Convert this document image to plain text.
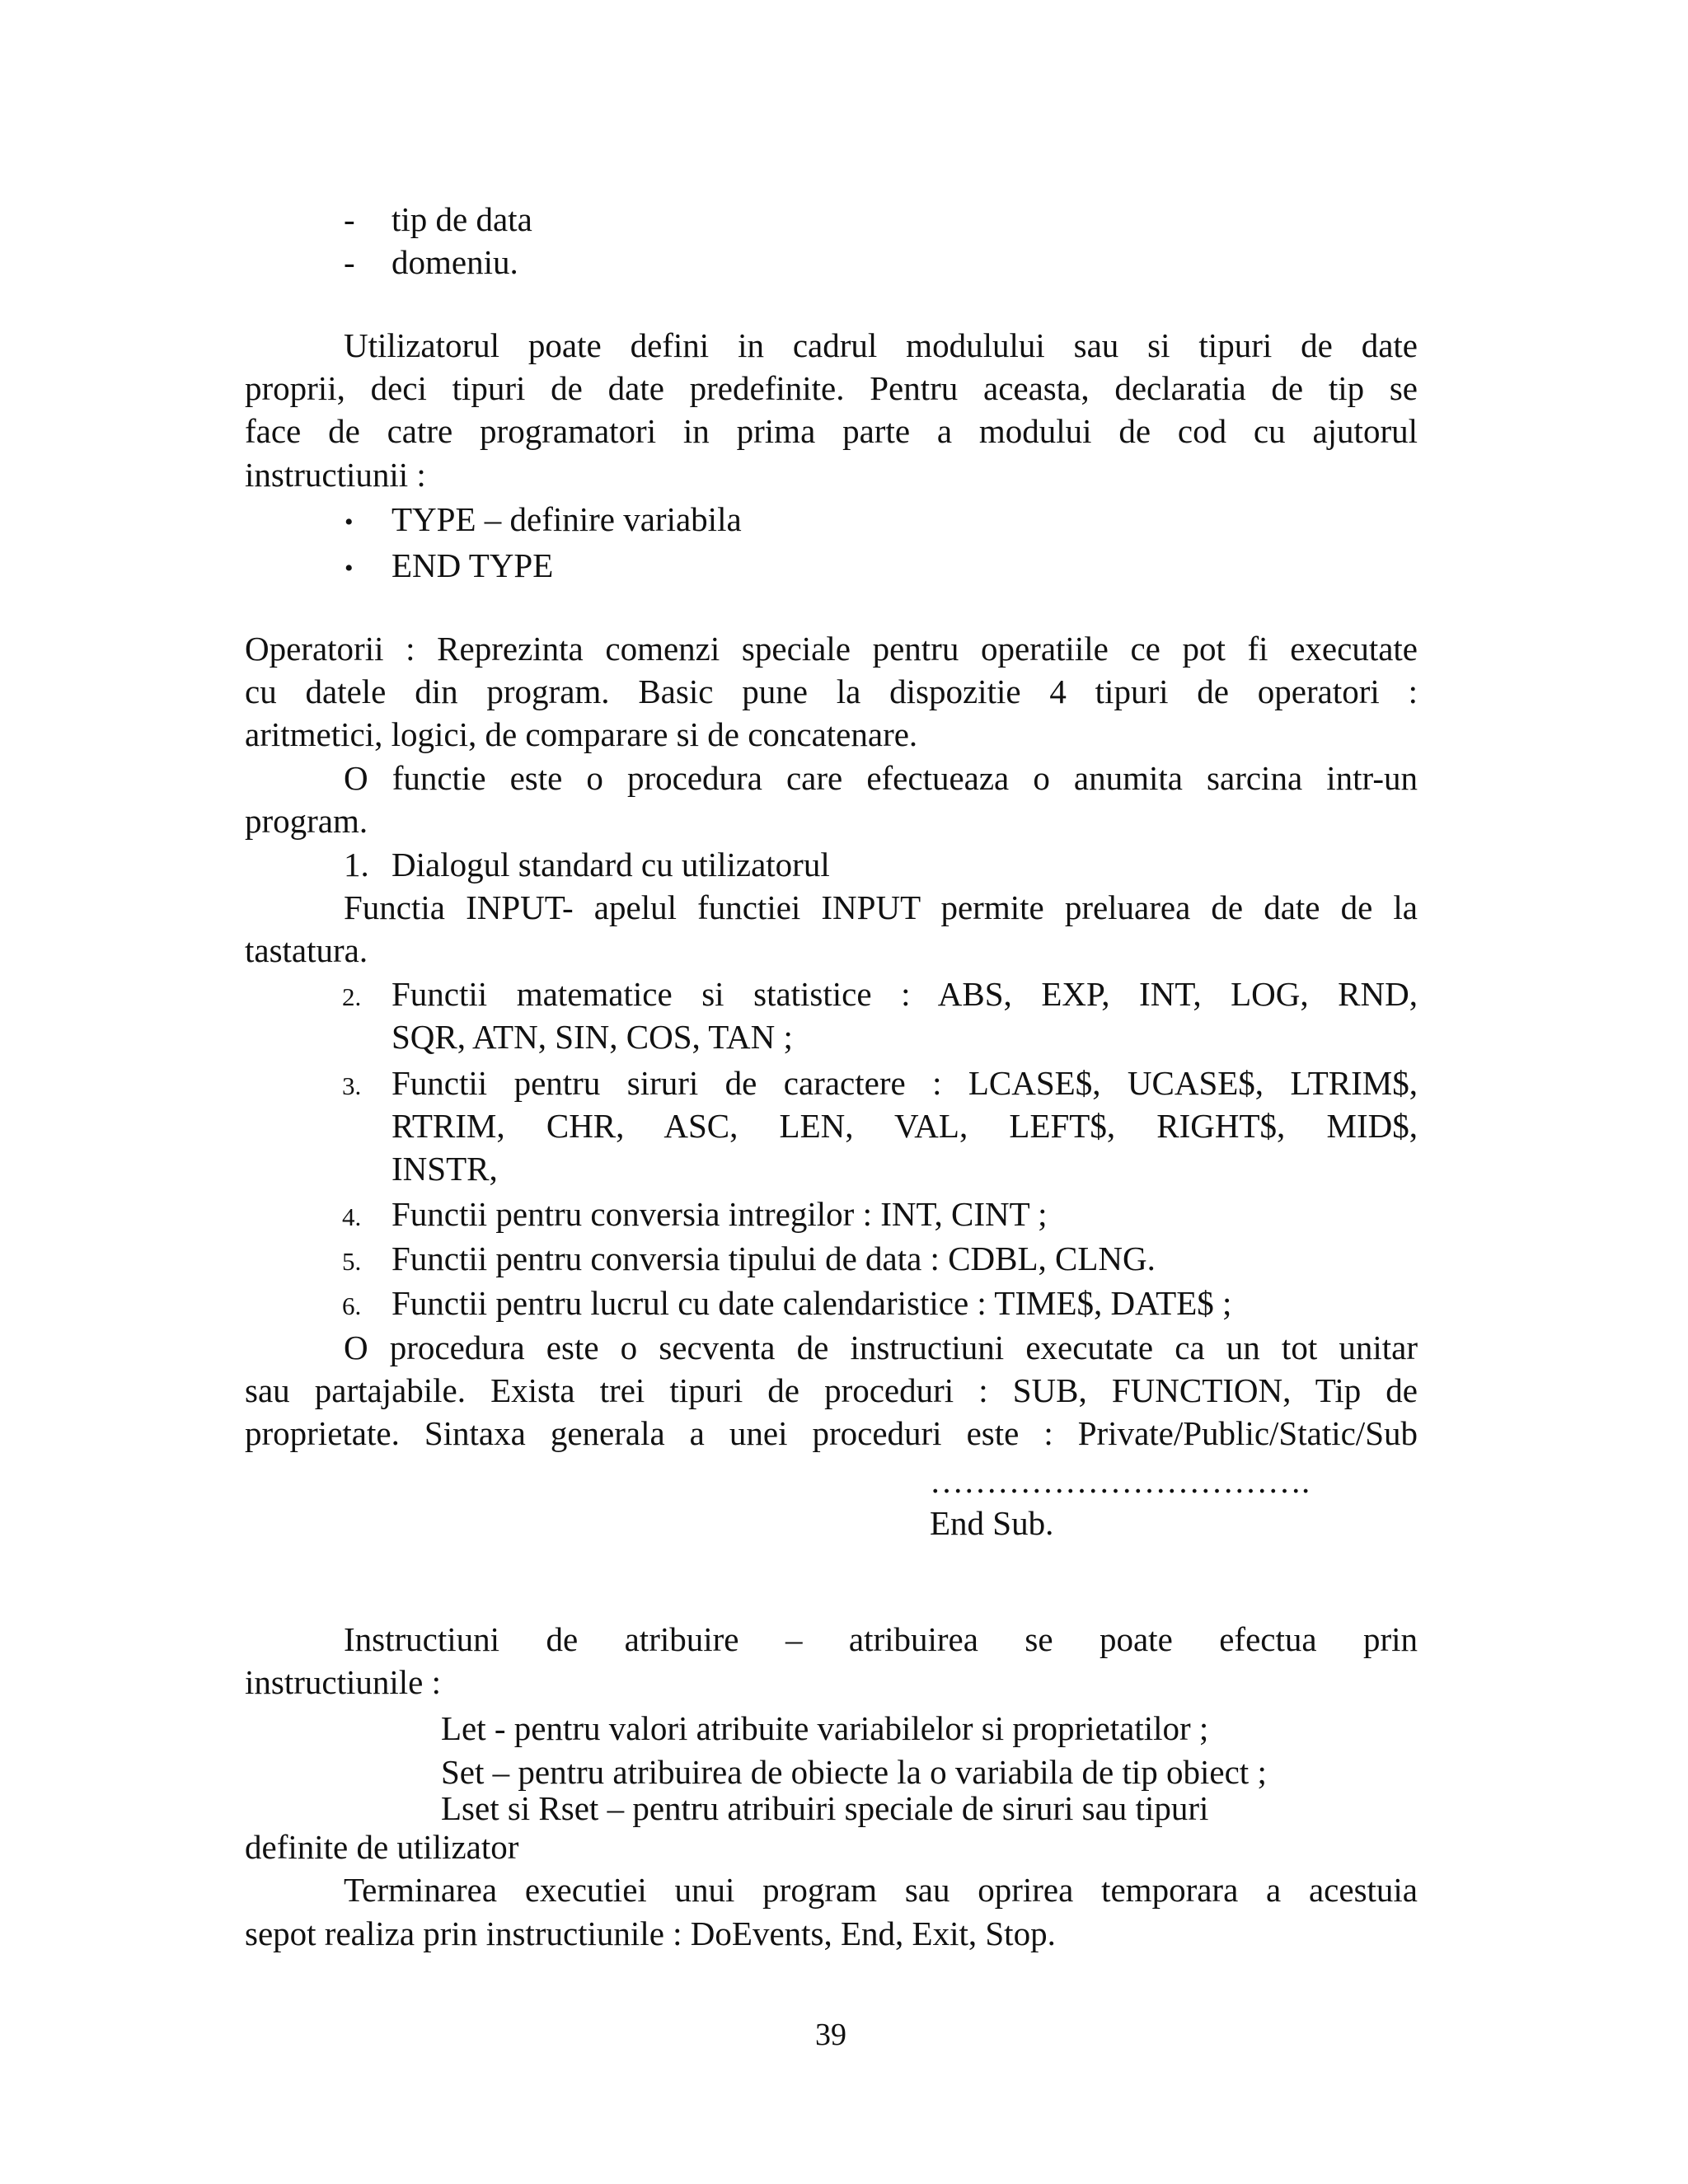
- tip de data
- domeniu.
Utilizatorul poate defini in cadrul modulului sau si tipuri de date
proprii, deci tipuri de date predefinite. Pentru aceasta, declaratia de tip se
face de catre programatori in prima parte a modului de cod cu ajutorul
instructiunii :
• TYPE – definire variabila
• END TYPE
Operatorii : Reprezinta comenzi speciale pentru operatiile ce pot fi executate
cu datele din program. Basic pune la dispozitie 4 tipuri de operatori :
aritmetici, logici, de comparare si de concatenare.
O functie este o procedura care efectueaza o anumita sarcina intr-un
program.
1. Dialogul standard cu utilizatorul
Functia INPUT- apelul functiei INPUT permite preluarea de date de la
tastatura.
2. Functii matematice si statistice : ABS, EXP, INT, LOG, RND,
SQR, ATN, SIN, COS, TAN ;
3. Functii pentru siruri de caractere : LCASE$, UCASE$, LTRIM$,
RTRIM, CHR, ASC, LEN, VAL, LEFT$, RIGHT$, MID$,
INSTR,
4. Functii pentru conversia intregilor : INT, CINT ;
5. Functii pentru conversia tipului de data : CDBL, CLNG.
6. Functii pentru lucrul cu date calendaristice : TIME$, DATE$ ;
O procedura este o secventa de instructiuni executate ca un tot unitar
sau partajabile. Exista trei tipuri de proceduri : SUB, FUNCTION, Tip de
proprietate. Sintaxa generala a unei proceduri este : Private/Public/Static/Sub
…………………………….
End Sub.
Instructiuni de atribuire – atribuirea se poate efectua prin
instructiunile :
Let - pentru valori atribuite variabilelor si proprietatilor ;
Set – pentru atribuirea de obiecte la o variabila de tip obiect ;
Lset si Rset – pentru atribuiri speciale de siruri sau tipuri
definite de utilizator
Terminarea executiei unui program sau oprirea temporara a acestuia
sepot realiza prin instructiunile : DoEvents, End, Exit, Stop.
39
